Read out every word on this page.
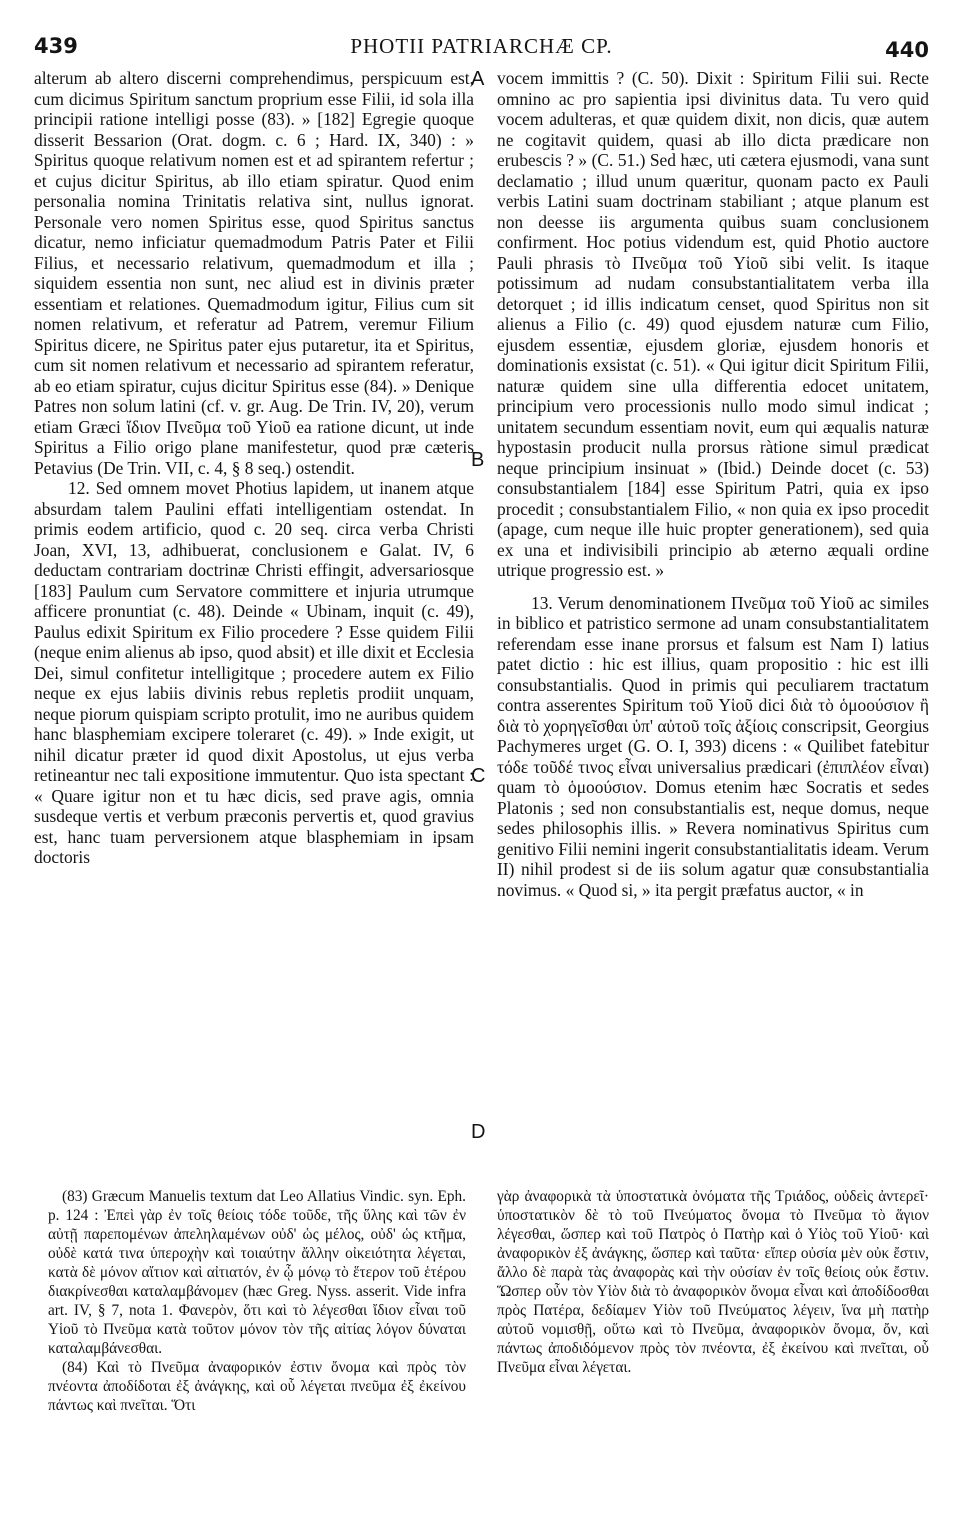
439	PHOTII PATRIARCHÆ CP.	440

alterum ab altero discerni comprehendimus, perspicuum est, cum dicimus Spiritum sanctum proprium esse Filii, id sola illa principii ratione intelligi posse (83). » [182] Egregie quoque disserit Bessarion (Orat. dogm. c. 6 ; Hard. IX, 340) : » Spiritus quoque relativum nomen est et ad spirantem refertur ; et cujus dicitur Spiritus, ab illo etiam spiratur. Quod enim personalia nomina Trinitatis relativa sint, nullus ignorat. Personale vero nomen Spiritus esse, quod Spiritus sanctus dicatur, nemo inficiatur quemadmodum Patris Pater et Filii Filius, et necessario relativum, quemadmodum et illa ; siquidem essentia non sunt, nec aliud est in divinis præter essentiam et relationes. Quemadmodum igitur, Filius cum sit nomen relativum, et referatur ad Patrem, veremur Filium Spiritus dicere, ne Spiritus pater ejus putaretur, ita et Spiritus, cum sit nomen relativum et necessario ad spirantem referatur, ab eo etiam spiratur, cujus dicitur Spiritus esse (84). » Denique Patres non solum latini (cf. v. gr. Aug. De Trin. IV, 20), verum etiam Græci ἴδιον Πνεῦμα τοῦ Υἱοῦ ea ratione dicunt, ut inde Spiritus a Filio origo plane manifestetur, quod præ cæteris Petavius (De Trin. VII, c. 4, § 8 seq.) ostendit.

12. Sed omnem movet Photius lapidem, ut inanem atque absurdam talem Paulini effati intelligentiam ostendat. In primis eodem artificio, quod c. 20 seq. circa verba Christi Joan, XVI, 13, adhibuerat, conclusionem e Galat. IV, 6 deductam contrariam doctrinæ Christi effingit, adversariosque [183] Paulum cum Servatore committere et injuria utrumque afficere pronuntiat (c. 48). Deinde « Ubinam, inquit (c. 49), Paulus edixit Spiritum ex Filio procedere ? Esse quidem Filii (neque enim alienus ab ipso, quod absit) et ille dixit et Ecclesia Dei, simul confitetur intelligitque ; procedere autem ex Filio neque ex ejus labiis divinis rebus repletis prodiit unquam, neque piorum quispiam scripto protulit, imo ne auribus quidem hanc blasphemiam excipere toleraret (c. 49). » Inde exigit, ut nihil dicatur præter id quod dixit Apostolus, ut ejus verba retineantur nec tali expositione immutentur. Quo ista spectant : « Quare igitur non et tu hæc dicis, sed prave agis, omnia susdeque vertis et verbum præconis pervertis et, quod gravius est, hanc tuam perversionem atque blasphemiam in ipsam doctoris

vocem immittis ? (C. 50). Dixit : Spiritum Filii sui. Recte omnino ac pro sapientia ipsi divinitus data. Tu vero quid vocem adulteras, et quæ quidem dixit, non dicis, quæ autem ne cogitavit quidem, quasi ab illo dicta prædicare non erubescis ? » (C. 51.) Sed hæc, uti cætera ejusmodi, vana sunt declamatio ; illud unum quæritur, quonam pacto ex Pauli verbis Latini suam doctrinam stabiliant ; atque planum est non deesse iis argumenta quibus suam conclusionem confirment. Hoc potius videndum est, quid Photio auctore Pauli phrasis τὸ Πνεῦμα τοῦ Υἱοῦ sibi velit. Is itaque potissimum ad nudam consubstantialitatem verba illa detorquet ; id illis indicatum censet, quod Spiritus non sit alienus a Filio (c. 49) quod ejusdem naturæ cum Filio, ejusdem essentiæ, ejusdem gloriæ, ejusdem honoris et dominationis exsistat (c. 51). « Qui igitur dicit Spiritum Filii, naturæ quidem sine ulla differentia edocet unitatem, principium vero processionis nullo modo simul indicat ; unitatem secundum essentiam novit, eum qui æqualis naturæ hypostasin producit nulla prorsus ràtione simul prædicat neque principium insinuat » (Ibid.) Deinde docet (c. 53) consubstantialem [184] esse Spiritum Patri, quia ex ipso procedit ; consubstantialem Filio, « non quia ex ipso procedit (apage, cum neque ille huic propter generationem), sed quia ex una et indivisibili principio ab æterno æquali ordine utrique progressio est. »

13. Verum denominationem Πνεῦμα τοῦ Υἱοῦ ac similes in biblico et patristico sermone ad unam consubstantialitatem referendam esse inane prorsus et falsum est Nam I) latius patet dictio : hic est illius, quam propositio : hic est illi consubstantialis. Quod in primis qui peculiarem tractatum contra asserentes Spiritum τοῦ Υἱοῦ dici διὰ τὸ ὁμοούσιον ἢ διὰ τὸ χορηγεῖσθαι ὑπ' αὐτοῦ τοῖς ἀξίοις conscripsit, Georgius Pachymeres urget (G. O. I, 393) dicens : « Quilibet fatebitur τόδε τοῦδέ τινος εἶναι universalius prædicari (ἐπιπλέον εἶναι) quam τὸ ὁμοούσιον. Domus etenim hæc Socratis et sedes Platonis ; sed non consubstantialis est, neque domus, neque sedes philosophis illis. » Revera nominativus Spiritus cum genitivo Filii nemini ingerit consubstantialitatis ideam. Verum II) nihil prodest si de iis solum agatur quæ consubstantialia novimus. « Quod si, » ita pergit præfatus auctor, « in

A
B
C
D

(83) Græcum Manuelis textum dat Leo Allatius Vindic. syn. Eph. p. 124 : Ἐπεὶ γὰρ ἐν τοῖς θείοις τόδε τοῦδε, τῆς ὕλης καὶ τῶν ἐν αὐτῇ παρεπομένων ἀπεληλαμένων οὐδ' ὡς μέλος, οὐδ' ὡς κτῆμα, οὐδὲ κατά τινα ὑπεροχὴν καὶ τοιαύτην ἄλλην οἰκειότητα λέγεται, κατὰ δὲ μόνον αἴτιον καὶ αἰτιατόν, ἐν ᾧ μόνῳ τὸ ἕτερον τοῦ ἑτέρου διακρίνεσθαι καταλαμβάνομεν (hæc Greg. Nyss. asserit. Vide infra art. IV, § 7, nota 1. Φανερὸν, ὅτι καὶ τὸ λέγεσθαι ἴδιον εἶναι τοῦ Υἱοῦ τὸ Πνεῦμα κατὰ τοῦτον μόνον τὸν τῆς αἰτίας λόγον δύναται καταλαμβάνεσθαι.

(84) Καὶ τὸ Πνεῦμα ἀναφορικόν ἐστιν ὄνομα καὶ πρὸς τὸν πνέοντα ἀποδίδοται ἐξ ἀνάγκης, καὶ οὗ λέγεται πνεῦμα ἐξ ἐκείνου πάντως καὶ πνεῖται. Ὅτι

γὰρ ἀναφορικὰ τὰ ὑποστατικὰ ὀνόματα τῆς Τριάδος, οὐδεὶς ἀντερεῖ· ὑποστατικὸν δὲ τὸ τοῦ Πνεύματος ὄνομα τὸ Πνεῦμα τὸ ἅγιον λέγεσθαι, ὥσπερ καὶ τοῦ Πατρὸς ὁ Πατὴρ καὶ ὁ Υἱὸς τοῦ Υἱοῦ· καὶ ἀναφορικὸν ἐξ ἀνάγκης, ὥσπερ καὶ ταῦτα· εἴπερ οὐσία μὲν οὐκ ἔστιν, ἄλλο δὲ παρὰ τὰς ἀναφορὰς καὶ τὴν οὐσίαν ἐν τοῖς θείοις οὐκ ἔστιν. Ὥσπερ οὖν τὸν Υἱὸν διὰ τὸ ἀναφορικὸν ὄνομα εἶναι καὶ ἀποδίδοσθαι πρὸς Πατέρα, δεδίαμεν Υἱὸν τοῦ Πνεύματος λέγειν, ἵνα μὴ πατὴρ αὐτοῦ νομισθῇ, οὕτω καὶ τὸ Πνεῦμα, ἀναφορικὸν ὄνομα, ὄν, καὶ πάντως ἀποδιδόμενον πρὸς τὸν πνέοντα, ἐξ ἐκείνου καὶ πνεῖται, οὗ Πνεῦμα εἶναι λέγεται.
